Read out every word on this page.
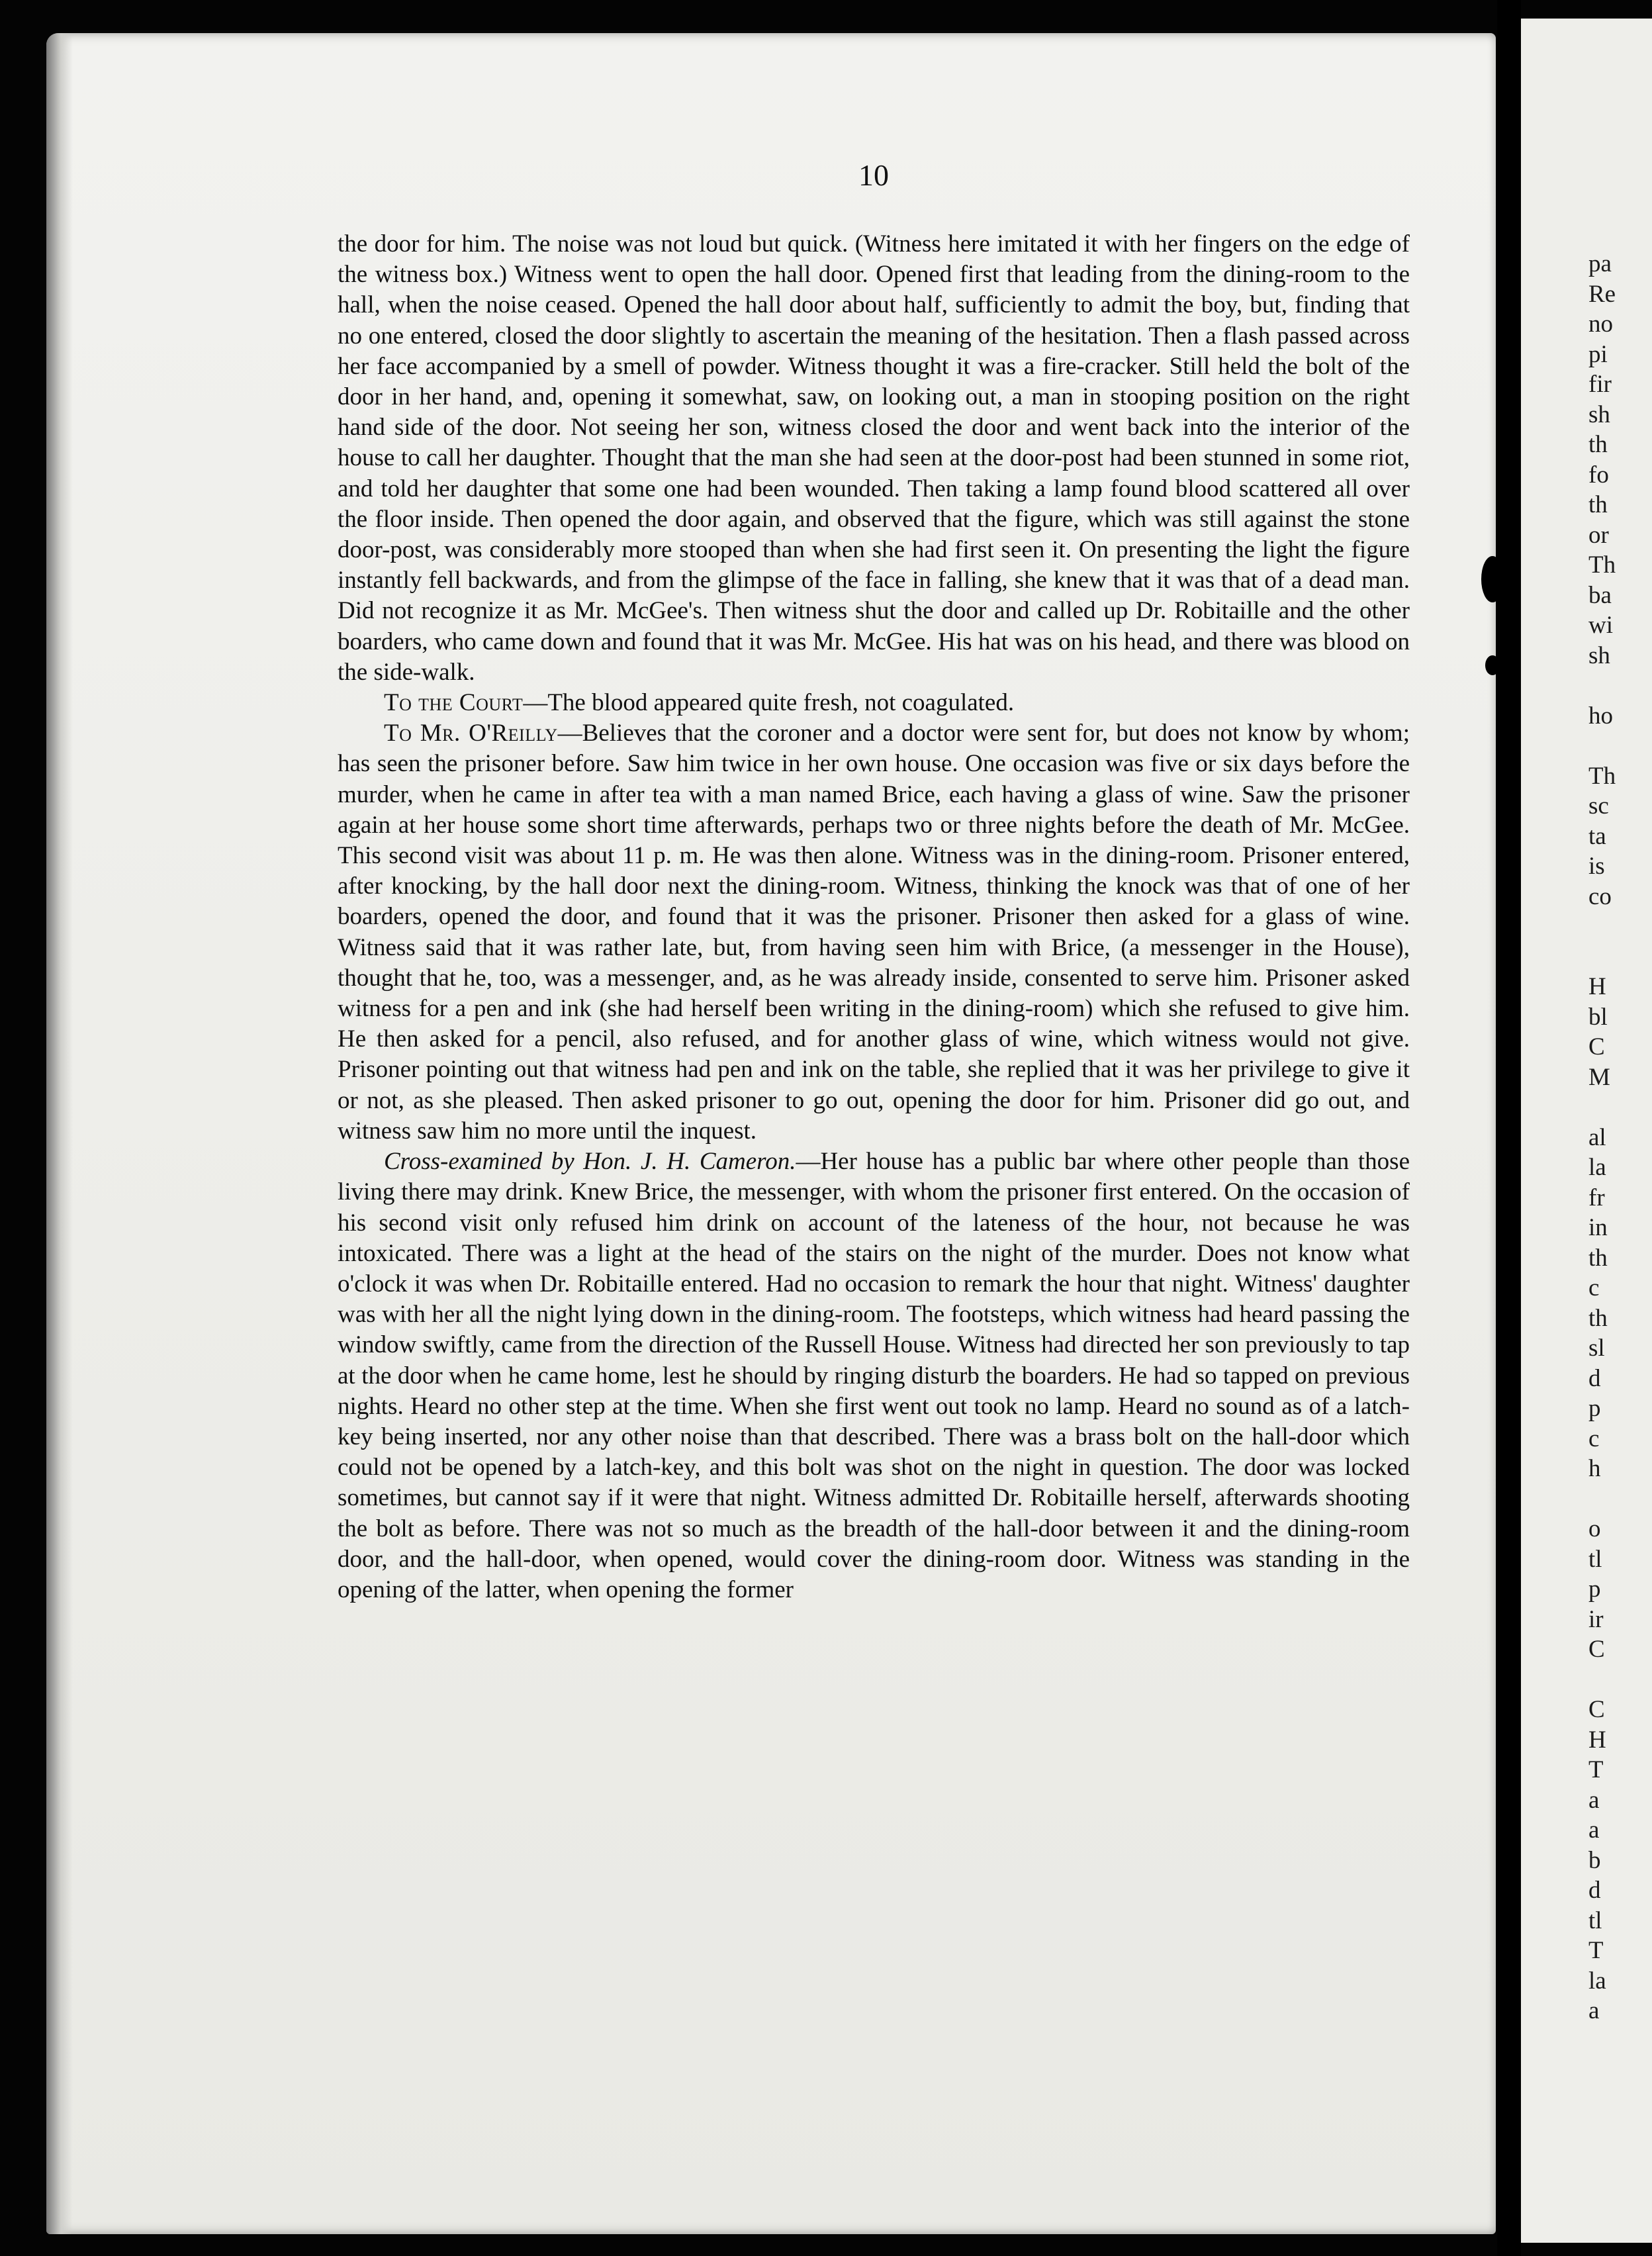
pa
Re
no
pi
fir
sh
th
fo
th
or
Th
ba
wi
sh

ho

Th
sc
ta
is
co

H
bl
C
M

al
la
fr
in
th
c
th
sl
d
p
c
h

o
tl
p
ir
C

C
H
T
a
a
b
d
tl
T
la
a
10

the door for him. The noise was not loud but quick. (Witness here imitated it with her fingers on the edge of the witness box.) Witness went to open the hall door. Opened first that leading from the dining-room to the hall, when the noise ceased. Opened the hall door about half, sufficiently to admit the boy, but, finding that no one entered, closed the door slightly to ascertain the meaning of the hesitation. Then a flash passed across her face accompanied by a smell of powder. Witness thought it was a fire-cracker. Still held the bolt of the door in her hand, and, opening it somewhat, saw, on looking out, a man in stooping position on the right hand side of the door. Not seeing her son, witness closed the door and went back into the interior of the house to call her daughter. Thought that the man she had seen at the door-post had been stunned in some riot, and told her daughter that some one had been wounded. Then taking a lamp found blood scattered all over the floor inside. Then opened the door again, and observed that the figure, which was still against the stone door-post, was considerably more stooped than when she had first seen it. On presenting the light the figure instantly fell backwards, and from the glimpse of the face in falling, she knew that it was that of a dead man. Did not recognize it as Mr. McGee's. Then witness shut the door and called up Dr. Robitaille and the other boarders, who came down and found that it was Mr. McGee. His hat was on his head, and there was blood on the side-walk.

To the Court—The blood appeared quite fresh, not coagulated.

To Mr. O'Reilly—Believes that the coroner and a doctor were sent for, but does not know by whom; has seen the prisoner before. Saw him twice in her own house. One occasion was five or six days before the murder, when he came in after tea with a man named Brice, each having a glass of wine. Saw the prisoner again at her house some short time afterwards, perhaps two or three nights before the death of Mr. McGee. This second visit was about 11 p. m. He was then alone. Witness was in the dining-room. Prisoner entered, after knocking, by the hall door next the dining-room. Witness, thinking the knock was that of one of her boarders, opened the door, and found that it was the prisoner. Prisoner then asked for a glass of wine. Witness said that it was rather late, but, from having seen him with Brice, (a messenger in the House), thought that he, too, was a messenger, and, as he was already inside, consented to serve him. Prisoner asked witness for a pen and ink (she had herself been writing in the dining-room) which she refused to give him. He then asked for a pencil, also refused, and for another glass of wine, which witness would not give. Prisoner pointing out that witness had pen and ink on the table, she replied that it was her privilege to give it or not, as she pleased. Then asked prisoner to go out, opening the door for him. Prisoner did go out, and witness saw him no more until the inquest.

Cross-examined by Hon. J. H. Cameron.—Her house has a public bar where other people than those living there may drink. Knew Brice, the messenger, with whom the prisoner first entered. On the occasion of his second visit only refused him drink on account of the lateness of the hour, not because he was intoxicated. There was a light at the head of the stairs on the night of the murder. Does not know what o'clock it was when Dr. Robitaille entered. Had no occasion to remark the hour that night. Witness' daughter was with her all the night lying down in the dining-room. The footsteps, which witness had heard passing the window swiftly, came from the direction of the Russell House. Witness had directed her son previously to tap at the door when he came home, lest he should by ringing disturb the boarders. He had so tapped on previous nights. Heard no other step at the time. When she first went out took no lamp. Heard no sound as of a latch-key being inserted, nor any other noise than that described. There was a brass bolt on the hall-door which could not be opened by a latch-key, and this bolt was shot on the night in question. The door was locked sometimes, but cannot say if it were that night. Witness admitted Dr. Robitaille herself, afterwards shooting the bolt as before. There was not so much as the breadth of the hall-door between it and the dining-room door, and the hall-door, when opened, would cover the dining-room door. Witness was standing in the opening of the latter, when opening the former
